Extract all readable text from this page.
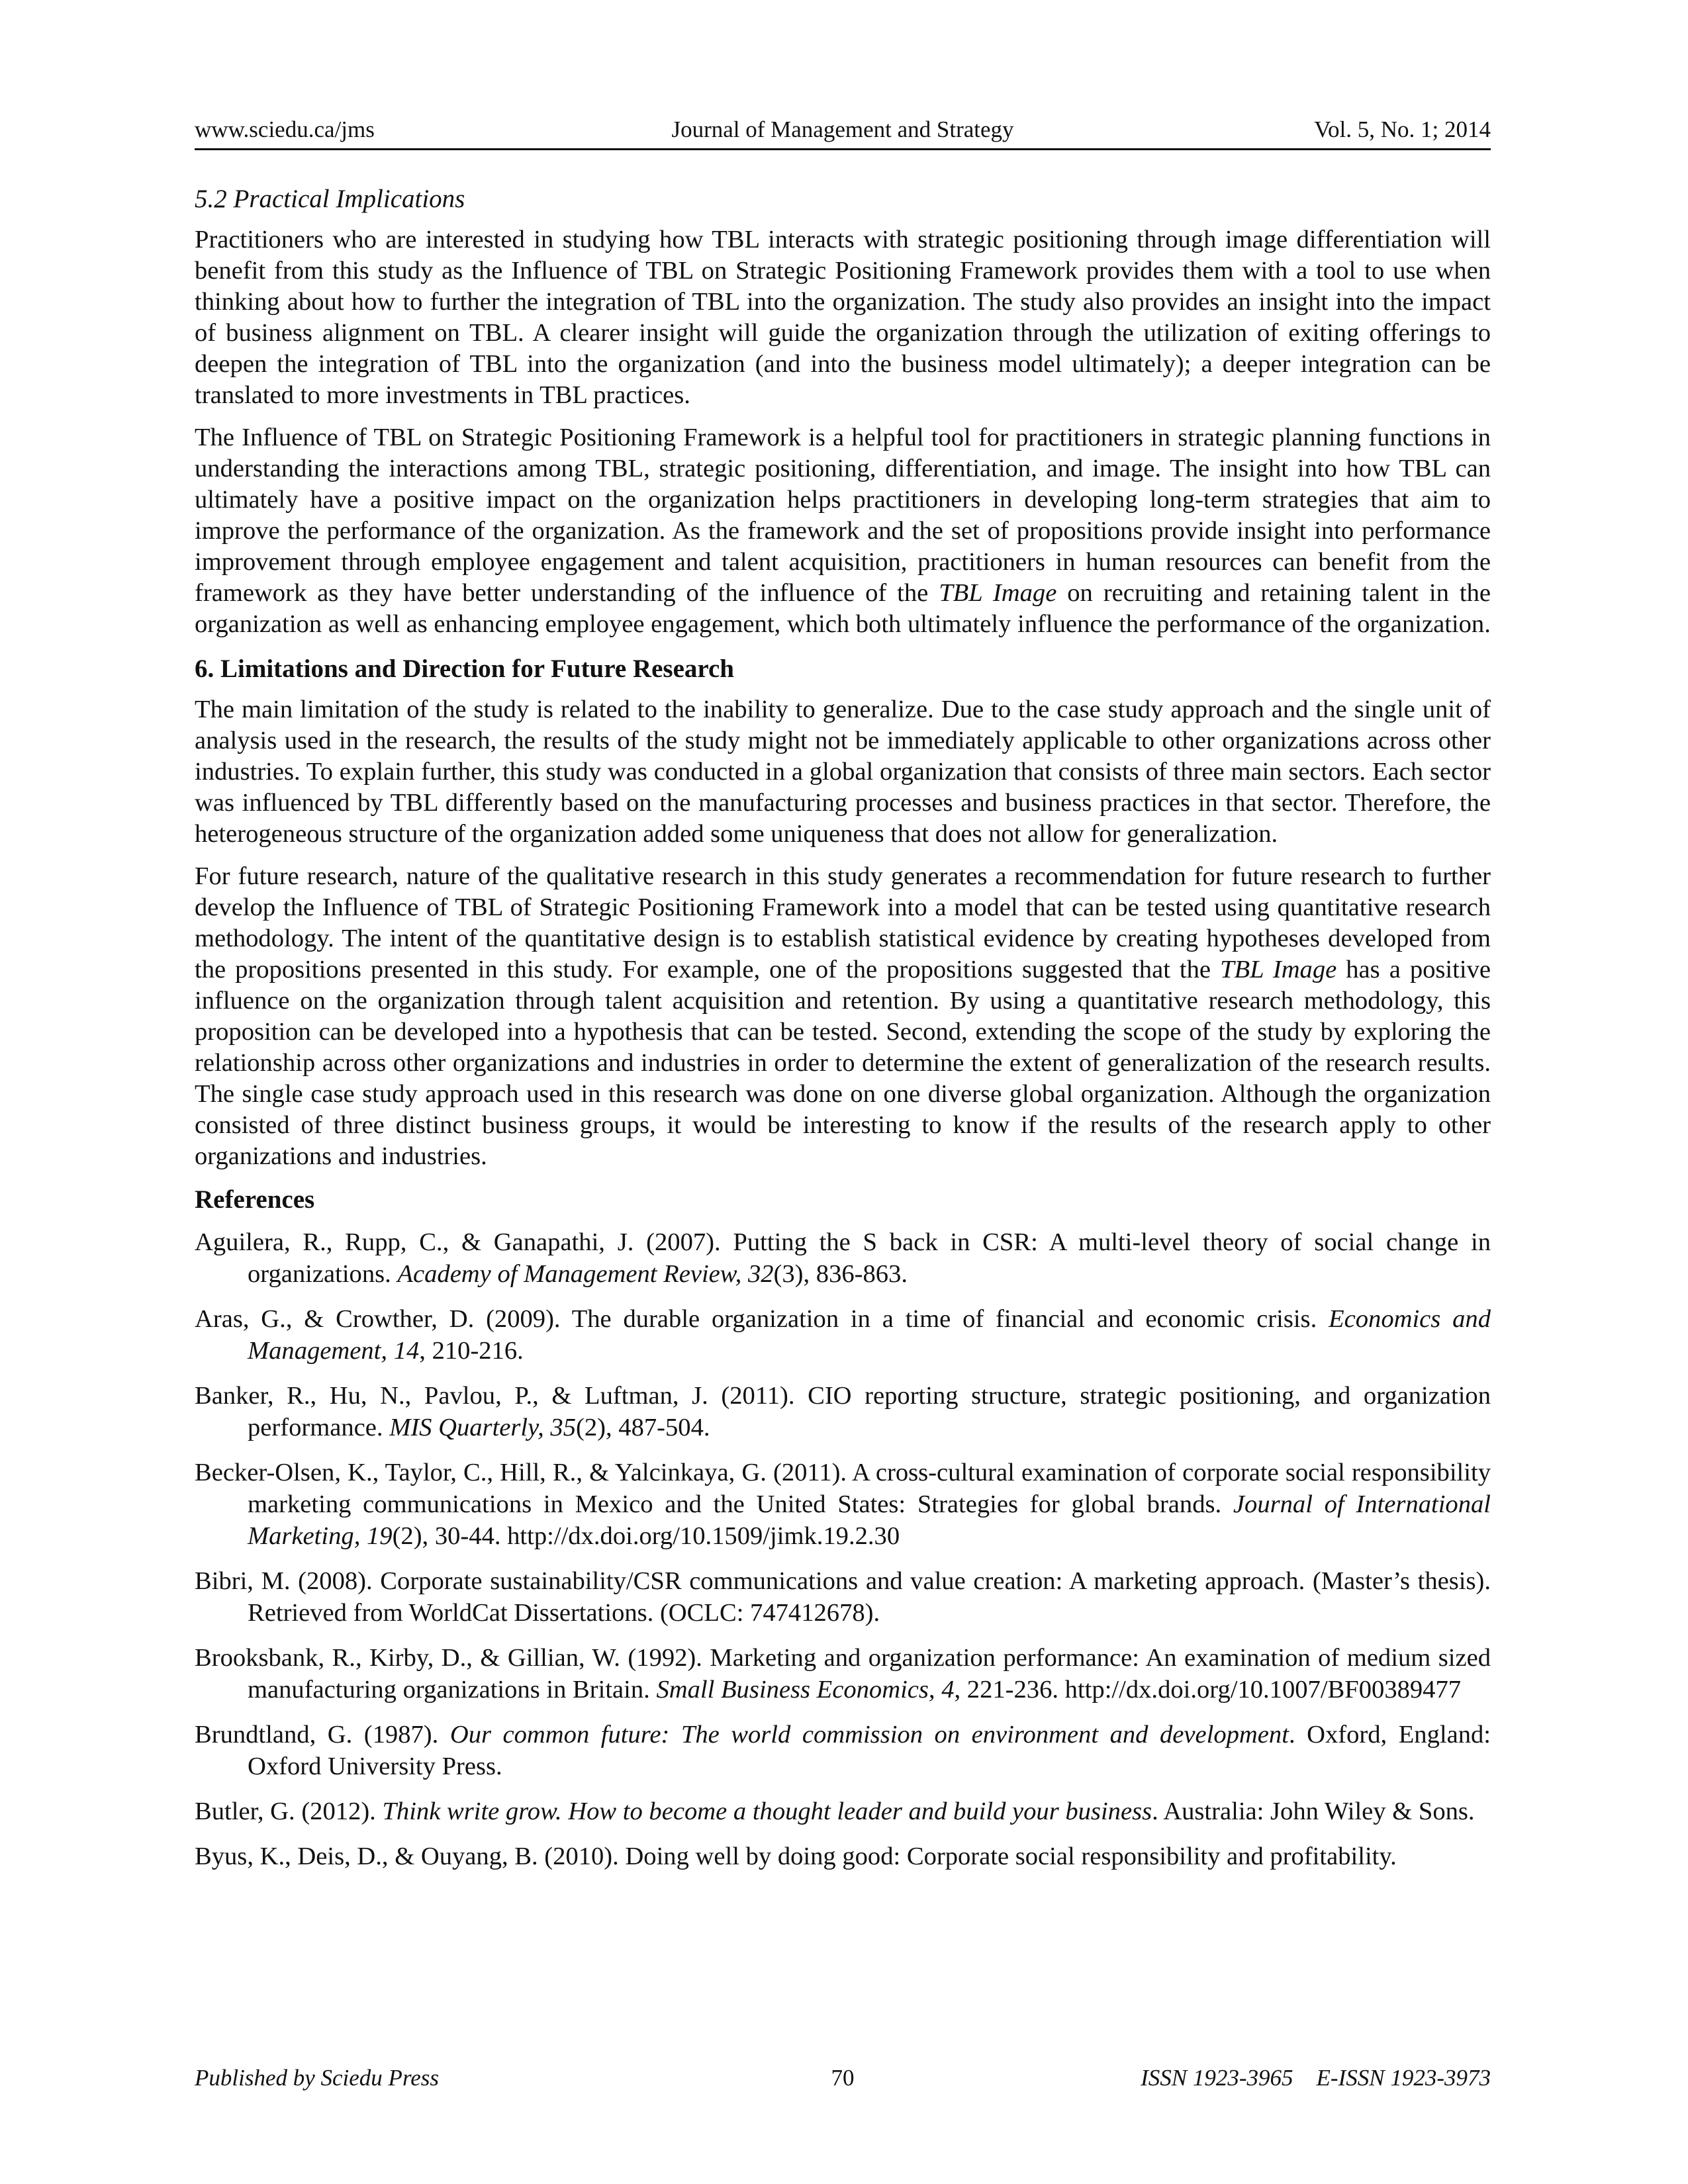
www.sciedu.ca/jms	Journal of Management and Strategy	Vol. 5, No. 1; 2014
5.2 Practical Implications

Practitioners who are interested in studying how TBL interacts with strategic positioning through image differentiation will benefit from this study as the Influence of TBL on Strategic Positioning Framework provides them with a tool to use when thinking about how to further the integration of TBL into the organization. The study also provides an insight into the impact of business alignment on TBL. A clearer insight will guide the organization through the utilization of exiting offerings to deepen the integration of TBL into the organization (and into the business model ultimately); a deeper integration can be translated to more investments in TBL practices.

The Influence of TBL on Strategic Positioning Framework is a helpful tool for practitioners in strategic planning functions in understanding the interactions among TBL, strategic positioning, differentiation, and image. The insight into how TBL can ultimately have a positive impact on the organization helps practitioners in developing long-term strategies that aim to improve the performance of the organization. As the framework and the set of propositions provide insight into performance improvement through employee engagement and talent acquisition, practitioners in human resources can benefit from the framework as they have better understanding of the influence of the TBL Image on recruiting and retaining talent in the organization as well as enhancing employee engagement, which both ultimately influence the performance of the organization.

6. Limitations and Direction for Future Research

The main limitation of the study is related to the inability to generalize. Due to the case study approach and the single unit of analysis used in the research, the results of the study might not be immediately applicable to other organizations across other industries. To explain further, this study was conducted in a global organization that consists of three main sectors. Each sector was influenced by TBL differently based on the manufacturing processes and business practices in that sector. Therefore, the heterogeneous structure of the organization added some uniqueness that does not allow for generalization.

For future research, nature of the qualitative research in this study generates a recommendation for future research to further develop the Influence of TBL of Strategic Positioning Framework into a model that can be tested using quantitative research methodology. The intent of the quantitative design is to establish statistical evidence by creating hypotheses developed from the propositions presented in this study. For example, one of the propositions suggested that the TBL Image has a positive influence on the organization through talent acquisition and retention. By using a quantitative research methodology, this proposition can be developed into a hypothesis that can be tested. Second, extending the scope of the study by exploring the relationship across other organizations and industries in order to determine the extent of generalization of the research results. The single case study approach used in this research was done on one diverse global organization. Although the organization consisted of three distinct business groups, it would be interesting to know if the results of the research apply to other organizations and industries.

References
Aguilera, R., Rupp, C., & Ganapathi, J. (2007). Putting the S back in CSR: A multi-level theory of social change in organizations. Academy of Management Review, 32(3), 836-863.
Aras, G., & Crowther, D. (2009). The durable organization in a time of financial and economic crisis. Economics and Management, 14, 210-216.
Banker, R., Hu, N., Pavlou, P., & Luftman, J. (2011). CIO reporting structure, strategic positioning, and organization performance. MIS Quarterly, 35(2), 487-504.
Becker-Olsen, K., Taylor, C., Hill, R., & Yalcinkaya, G. (2011). A cross-cultural examination of corporate social responsibility marketing communications in Mexico and the United States: Strategies for global brands. Journal of International Marketing, 19(2), 30-44. http://dx.doi.org/10.1509/jimk.19.2.30
Bibri, M. (2008). Corporate sustainability/CSR communications and value creation: A marketing approach. (Master’s thesis). Retrieved from WorldCat Dissertations. (OCLC: 747412678).
Brooksbank, R., Kirby, D., & Gillian, W. (1992). Marketing and organization performance: An examination of medium sized manufacturing organizations in Britain. Small Business Economics, 4, 221-236. http://dx.doi.org/10.1007/BF00389477
Brundtland, G. (1987). Our common future: The world commission on environment and development. Oxford, England: Oxford University Press.
Butler, G. (2012). Think write grow. How to become a thought leader and build your business. Australia: John Wiley & Sons.
Byus, K., Deis, D., & Ouyang, B. (2010). Doing well by doing good: Corporate social responsibility and profitability.
Published by Sciedu Press	70	ISSN 1923-3965    E-ISSN 1923-3973
